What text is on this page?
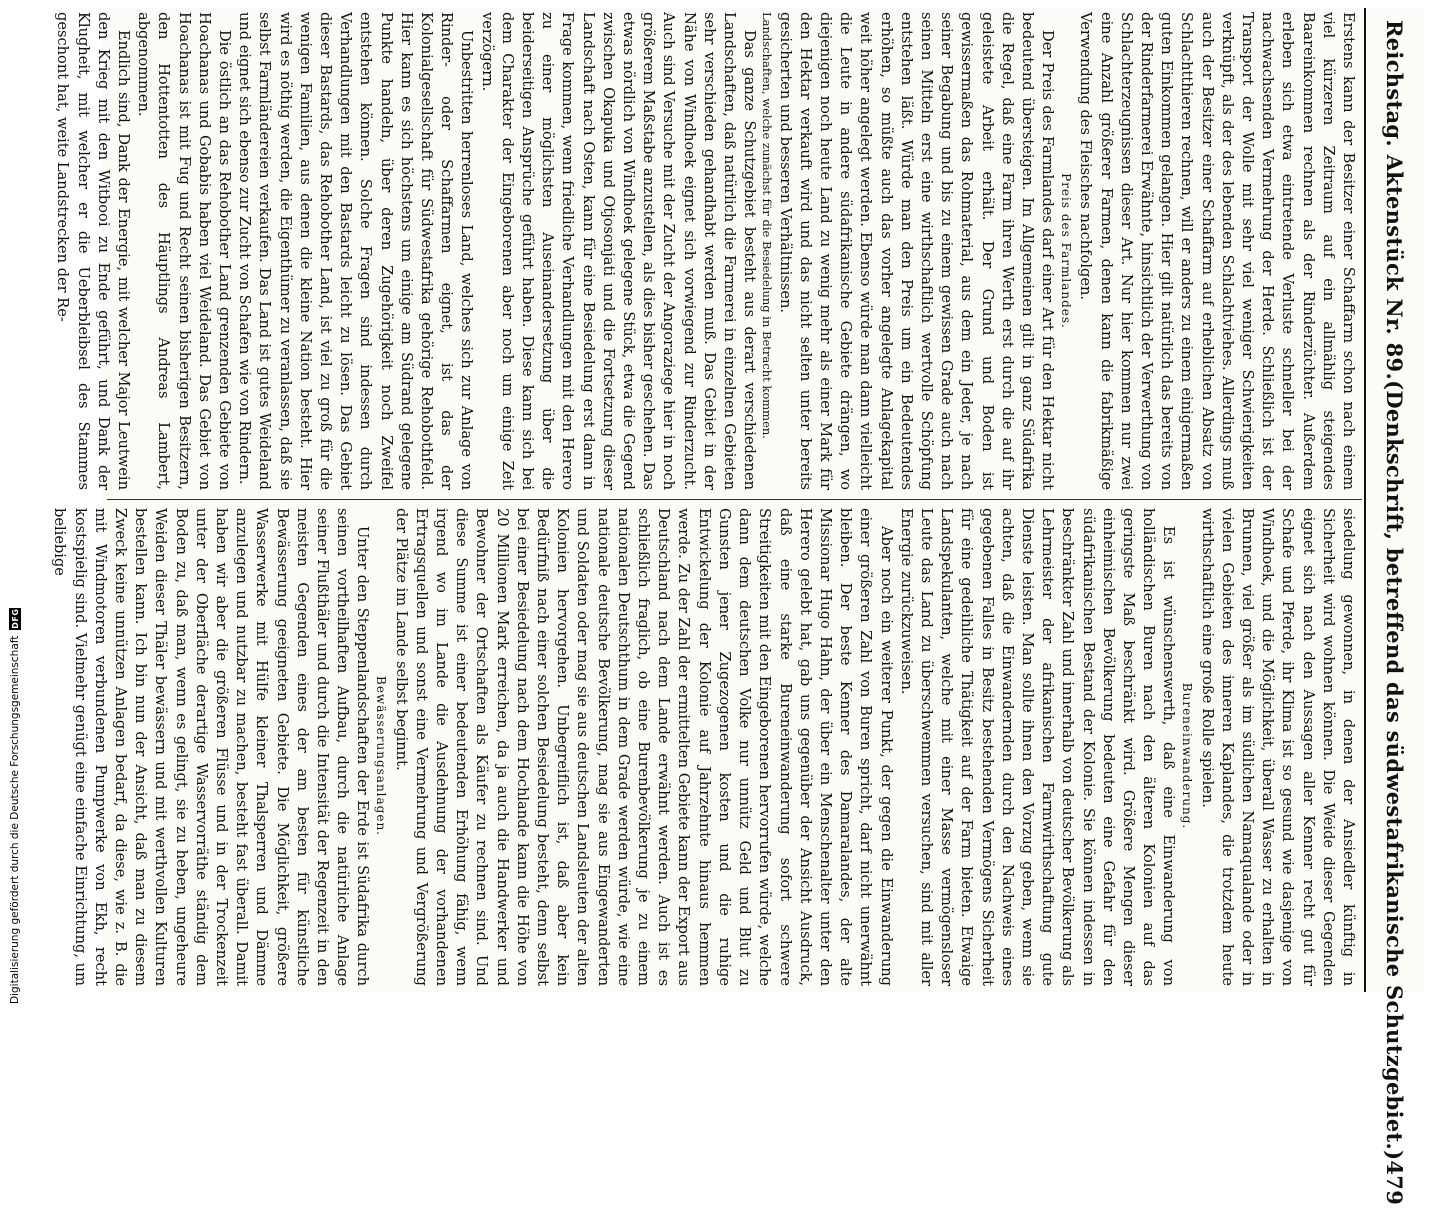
Reichstag. Aktenstück Nr. 89.
(Denkschrift, betreffend das südwestafrikanische Schutzgebiet.)
479

Erstens kann der Besitzer einer Schaffarm schon nach einem viel kürzeren Zeitraum auf ein allmählig steigendes Baareinkommen rechnen als der Rinderzüchter. Außerdem erleben sich etwa eintretende Verluste schneller bei der nachwachsenden Vermehrung der Herde. Schließlich ist der Transport der Wolle mit sehr viel weniger Schwierigkeiten verknüpft, als der des lebenden Schlachtviehes. Allerdings muß auch der Besitzer einer Schaffarm auf erheblichen Absatz von Schlachtthieren rechnen, will er anders zu einem einigermaßen guten Einkommen gelangen. Hier gilt natürlich das bereits von der Rinderfarmerei Erwähnte, hinsichtlich der Verwerthung von Schlachterzeugnissen dieser Art. Nur hier kommen nur zwei eine Anzahl größerer Farmen, denen kann die fabrikmäßige Verwendung des Fleisches nachfolgen.

Preis des Farmlandes.

Der Preis des Farmlandes darf einer Art für den Hektar nicht bedeutend übersteigen. Im Allgemeinen gilt in ganz Südafrika die Regel, daß eine Farm ihren Werth erst durch die auf ihr geleistete Arbeit erhält. Der Grund und Boden ist gewissermaßen das Rohmaterial, aus dem ein Jeder, je nach seiner Begabung und bis zu einem gewissen Grade auch nach seinen Mitteln erst eine wirthschaftlich wertvolle Schöpfung entstehen läßt. Würde man den Preis um ein Bedeutendes erhöhen, so müßte auch das vorher angelegte Anlagekapital weit höher angelegt werden. Ebenso würde man dann vielleicht die Leute in andere südafrikanische Gebiete drängen, wo diejenigen noch heute Land zu wenig mehr als einer Mark für den Hektar verkauft wird und das nicht selten unter bereits gesicherten und besseren Verhältnissen.

Landschaften, welche zunächst für die Besiedelung in Betracht kommen.

Das ganze Schutzgebiet besteht aus derart verschiedenen Landschaften, daß natürlich die Farmerei in einzelnen Gebieten sehr verschieden gehandhabt werden muß. Das Gebiet in der Nähe von Windhoek eignet sich vorwiegend zur Rinderzucht. Auch sind Versuche mit der Zucht der Angoraziege hier in noch größerem Maßstabe anzustellen, als dies bisher geschehen. Das etwas nördlich von Windhoek gelegene Stück, etwa die Gegend zwischen Okapuka und Otjosonjati und die Fortsetzung dieser Landschaft nach Osten, kann für eine Besiedelung erst dann in Frage kommen, wenn friedliche Verhandlungen mit den Herero zu einer möglichsten Auseinandersetzung über die beiderseitigen Ansprüche geführt haben. Diese kann sich bei dem Charakter der Eingeborenen aber noch um einige Zeit verzögern.

Unbestritten herrenloses Land, welches sich zur Anlage von Rinder- oder Schaffarmen eignet, ist das der Kolonialgesellschaft für Südwestafrika gehörige Rehobothfeld. Hier kann es sich höchstens um einige am Südrand gelegene Punkte handeln, über deren Zugehörigkeit noch Zweifel entstehen können. Solche Fragen sind indessen durch Verhandlungen mit den Bastards leicht zu lösen. Das Gebiet dieser Bastards, das Rehobother Land, ist viel zu groß für die wenigen Familien, aus denen die kleine Nation besteht. Hier wird es nöthig werden, die Eigenthümer zu veranlassen, daß sie selbst Farmländereien verkaufen. Das Land ist gutes Weideland und eignet sich ebenso zur Zucht von Schafen wie von Rindern.

Die östlich an das Rehobother Land grenzenden Gebiete von Hoachanas und Gobabis haben viel Weideland. Das Gebiet von Hoachanas ist mit Fug und Recht seinen bisherigen Besitzern, den Hottentotten des Häuptlings Andreas Lambert, abgenommen.

Endlich sind, Dank der Energie, mit welcher Major Leutwein den Krieg mit den Witbooi zu Ende geführt, und Dank der Klugheit, mit welcher er die Ueberbleibsel des Stammes geschont hat, weite Landstrecken der Re-

siedelung gewonnen, in denen der Ansiedler künftig in Sicherheit wird wohnen können. Die Weide dieser Gegenden eignet sich nach den Aussagen aller Kenner recht gut für Schafe und Pferde, ihr Klima ist so gesund wie dasjenige von Windhoek, und die Möglichkeit, überall Wasser zu erhalten in Brunnen, viel größer als im südlichen Namaqualande oder in vielen Gebieten des inneren Kaplandes, die trotzdem heute wirthschaftlich eine große Rolle spielen.

Bureneinwanderung.

Es ist wünschenswerth, daß eine Einwanderung von holländischen Buren nach den älteren Kolonien auf das geringste Maß beschränkt wird. Größere Mengen dieser einheimischen Bevölkerung bedeuten eine Gefahr für den südafrikanischen Bestand der Kolonie. Sie können indessen in beschränkter Zahl und innerhalb von deutscher Bevölkerung als Lehrmeister der afrikanischen Farmwirthschaftung gute Dienste leisten. Man sollte ihnen den Vorzug geben, wenn sie achten, daß die Einwandernden durch den Nachweis eines gegebenen Falles in Besitz bestehenden Vermögens Sicherheit für eine gedeihliche Thätigkeit auf der Farm bieten. Etwaige Landspekulanten, welche mit einer Masse vermögensloser Leute das Land zu überschwemmen versuchen, sind mit aller Energie zurückzuweisen.

Aber noch ein weiterer Punkt, der gegen die Einwanderung einer größeren Zahl von Buren spricht, darf nicht unerwähnt bleiben. Der beste Kenner des Damaralandes, der alte Missionar Hugo Hahn, der über ein Menschenalter unter den Herero gelebt hat, gab uns gegenüber der Ansicht Ausdruck, daß eine starke Bureneinwanderung sofort schwere Streitigkeiten mit den Eingeborenen hervorrufen würde, welche dann dem deutschen Volke nur unnütz Geld und Blut zu Gunsten jener Zugezogenen kosten und die ruhige Entwickelung der Kolonie auf Jahrzehnte hinaus hemmen werde. Zu der Zahl der ermittelten Gebiete kann der Export aus Deutschland nach dem Lande erwähnt werden. Auch ist es schließlich fraglich, ob eine Burenbevölkerung je zu einem nationalen Deutschthum in dem Grade werden würde, wie eine nationale deutsche Bevölkerung, mag sie aus Eingewanderten und Soldaten oder mag sie aus deutschen Landsleuten der alten Kolonien hervorgehen. Unbegreiflich ist, daß aber kein Bedürfniß nach einer solchen Besiedelung besteht, denn selbst bei einer Besiedelung nach dem Hochlande kann die Höhe von 20 Millionen Mark erreichen, da ja auch die Handwerker und Bewohner der Ortschaften als Käufer zu rechnen sind. Und diese Summe ist einer bedeutenden Erhöhung fähig, wenn irgend wo im Lande die Ausdehnung der vorhandenen Ertragsquellen und sonst eine Vermehrung und Vergrößerung der Plätze im Lande selbst beginnt.

Bewässerungsanlagen.

Unter den Steppenlandschaften der Erde ist Südafrika durch seinen vortheilhaften Aufbau, durch die natürliche Anlage seiner Flußthäler und durch die Intensität der Regenzeit in den meisten Gegenden eines der am besten für künstliche Bewässerung geeigneten Gebiete. Die Möglichkeit, größere Wasserwerke mit Hülfe kleiner Thalsperren und Dämme anzulegen und nutzbar zu machen, besteht fast überall. Damit haben wir aber die größeren Flüsse und in der Trockenzeit unter der Oberfläche derartige Wasservorräthe ständig dem Boden zu, daß man, wenn es gelingt, sie zu heben, ungeheure Weiden dieser Thäler bewässern und mit werthvollen Kulturen bestellen kann. Ich bin nun der Ansicht, daß man zu diesem Zweck keine unnützen Anlagen bedarf, da diese, wie z. B. die mit Windmotoren verbundenen Pumpwerke von Ekh, recht kostspielig sind. Vielmehr genügt eine einfache Einrichtung, um beliebige

Digitalisierung gefördert durch die Deutsche Forschungsgemeinschaft
DFG
